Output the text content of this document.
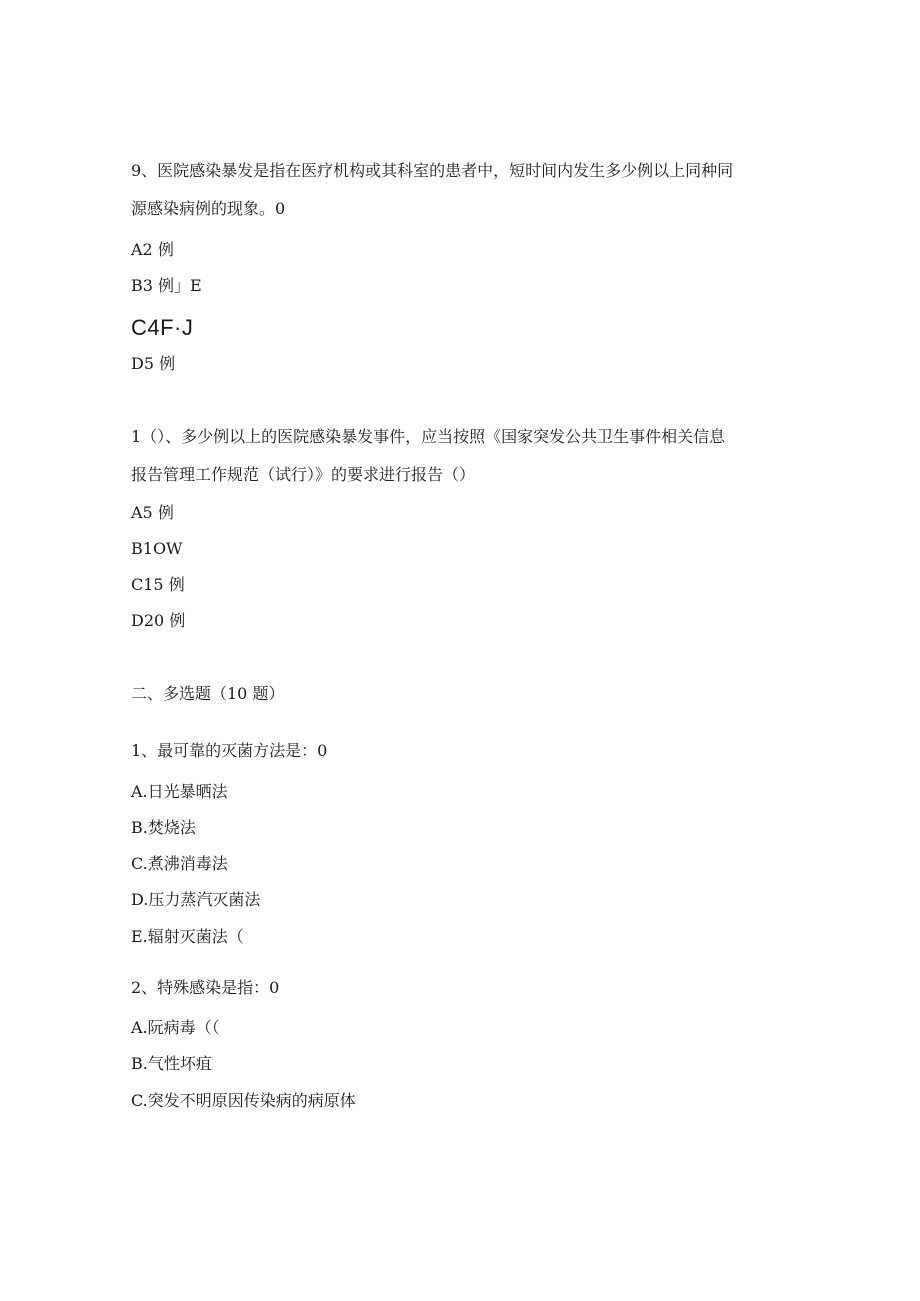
9、医院感染暴发是指在医疗机构或其科室的患者中，短时间内发生多少例以上同种同

源感染病例的现象。0

A2 例

B3 例」E

C4F·J

D5 例

1（）、多少例以上的医院感染暴发事件，应当按照《国家突发公共卫生事件相关信息

报告管理工作规范（试行）》的要求进行报告（）

A5 例

B1OW

C15 例

D20 例

二、多选题（10 题）

1、最可靠的灭菌方法是：0

A.日光暴晒法

B.焚烧法

C.煮沸消毒法

D.压力蒸汽灭菌法

E.辐射灭菌法（

2、特殊感染是指：0

A.阮病毒（（

B.气性坏疽

C.突发不明原因传染病的病原体
